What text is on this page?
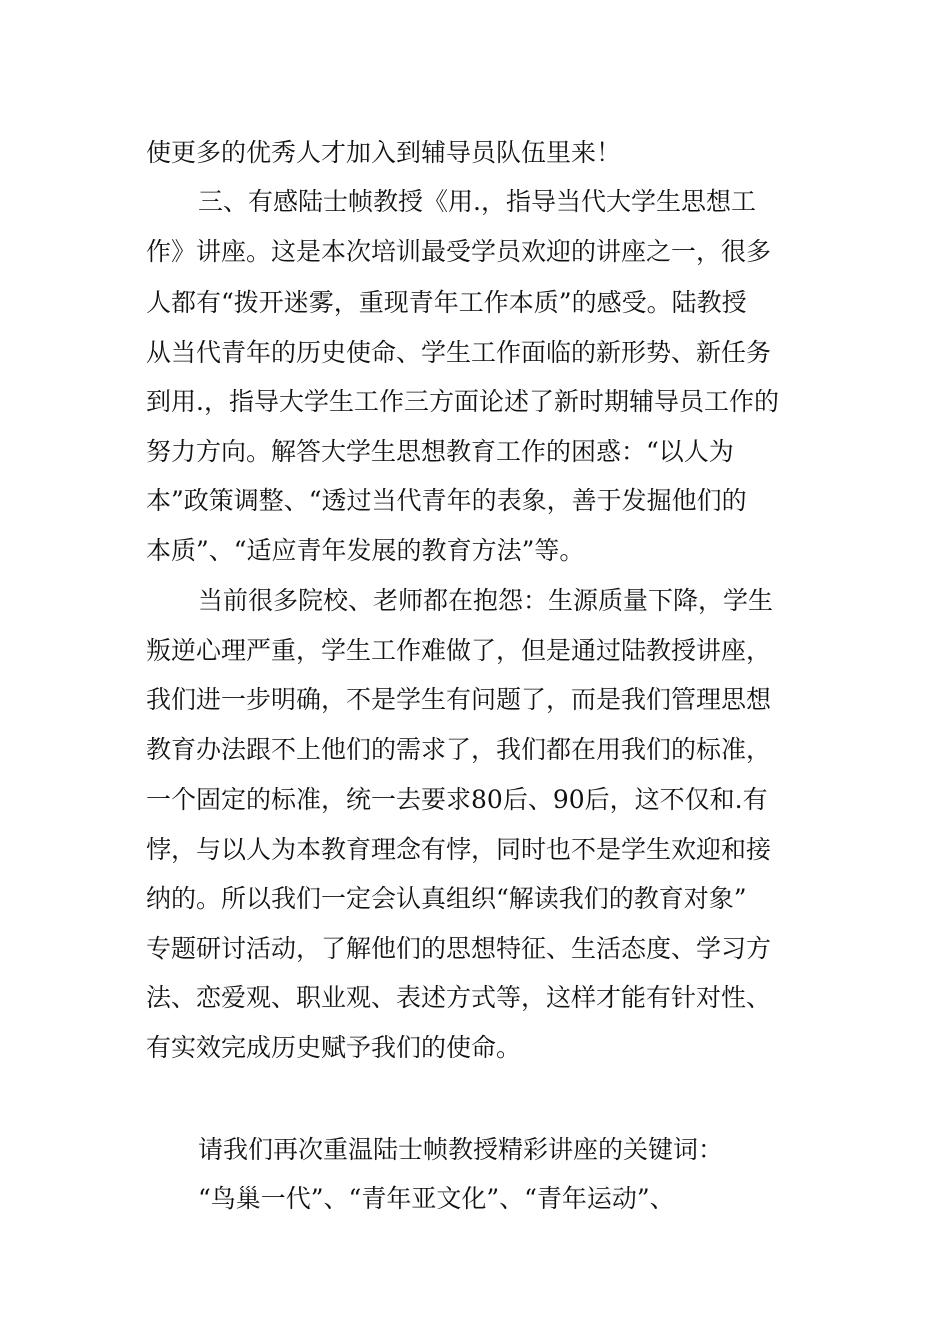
使更多的优秀人才加入到辅导员队伍里来！
三、有感陆士帧教授《用.，指导当代大学生思想工
作》讲座。这是本次培训最受学员欢迎的讲座之一，很多
人都有“拨开迷雾，重现青年工作本质”的感受。陆教授
从当代青年的历史使命、学生工作面临的新形势、新任务
到用.，指导大学生工作三方面论述了新时期辅导员工作的
努力方向。解答大学生思想教育工作的困惑：“以人为
本”政策调整、“透过当代青年的表象，善于发掘他们的
本质”、“适应青年发展的教育方法”等。
当前很多院校、老师都在抱怨：生源质量下降，学生
叛逆心理严重，学生工作难做了，但是通过陆教授讲座，
我们进一步明确，不是学生有问题了，而是我们管理思想
教育办法跟不上他们的需求了，我们都在用我们的标准，
一个固定的标准，统一去要求80后、90后，这不仅和.有
悖，与以人为本教育理念有悖，同时也不是学生欢迎和接
纳的。所以我们一定会认真组织“解读我们的教育对象”
专题研讨活动，了解他们的思想特征、生活态度、学习方
法、恋爱观、职业观、表述方式等，这样才能有针对性、
有实效完成历史赋予我们的使命。
请我们再次重温陆士帧教授精彩讲座的关键词：
“鸟巢一代”、“青年亚文化”、“青年运动”、
